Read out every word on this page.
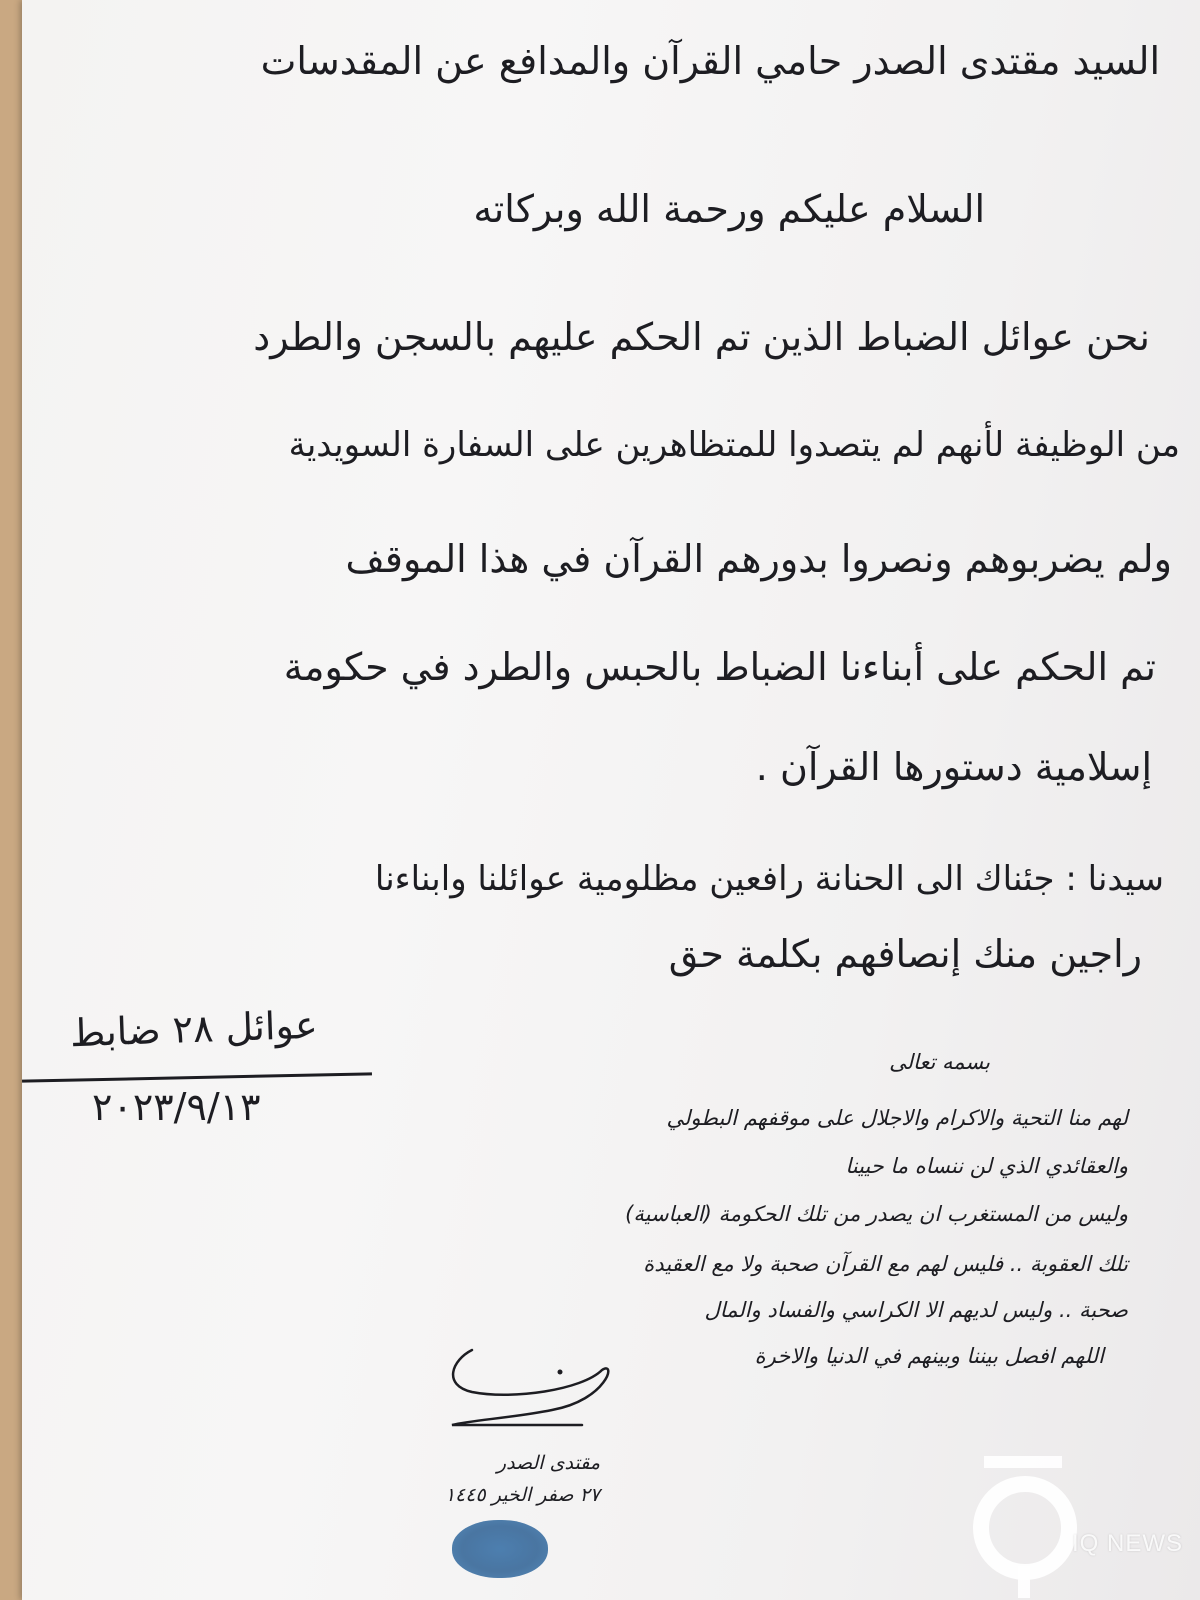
السيد مقتدى الصدر حامي القرآن والمدافع عن المقدسات
السلام عليكم ورحمة الله وبركاته
نحن عوائل الضباط الذين تم الحكم عليهم بالسجن والطرد
من الوظيفة لأنهم لم يتصدوا للمتظاهرين على السفارة السويدية
ولم يضربوهم ونصروا بدورهم القرآن في هذا الموقف
تم الحكم على أبناءنا الضباط بالحبس والطرد في حكومة
إسلامية دستورها القرآن .
سيدنا : جئناك الى الحنانة رافعين مظلومية عوائلنا وابناءنا
راجين منك إنصافهم بكلمة حق
عوائل ٢٨ ضابط
٢٠٢٣/٩/١٣
بسمه تعالى
لهم منا التحية والاكرام والاجلال على موقفهم البطولي
والعقائدي الذي لن ننساه ما حيينا
وليس من المستغرب ان يصدر من تلك الحكومة (العباسية)
تلك العقوبة .. فليس لهم مع القرآن صحبة ولا مع العقيدة
صحبة .. وليس لديهم الا الكراسي والفساد والمال
اللهم افصل بيننا وبينهم في الدنيا والاخرة
مقتدى الصدر
٢٧ صفر الخير ١٤٤٥
IQ NEWS
